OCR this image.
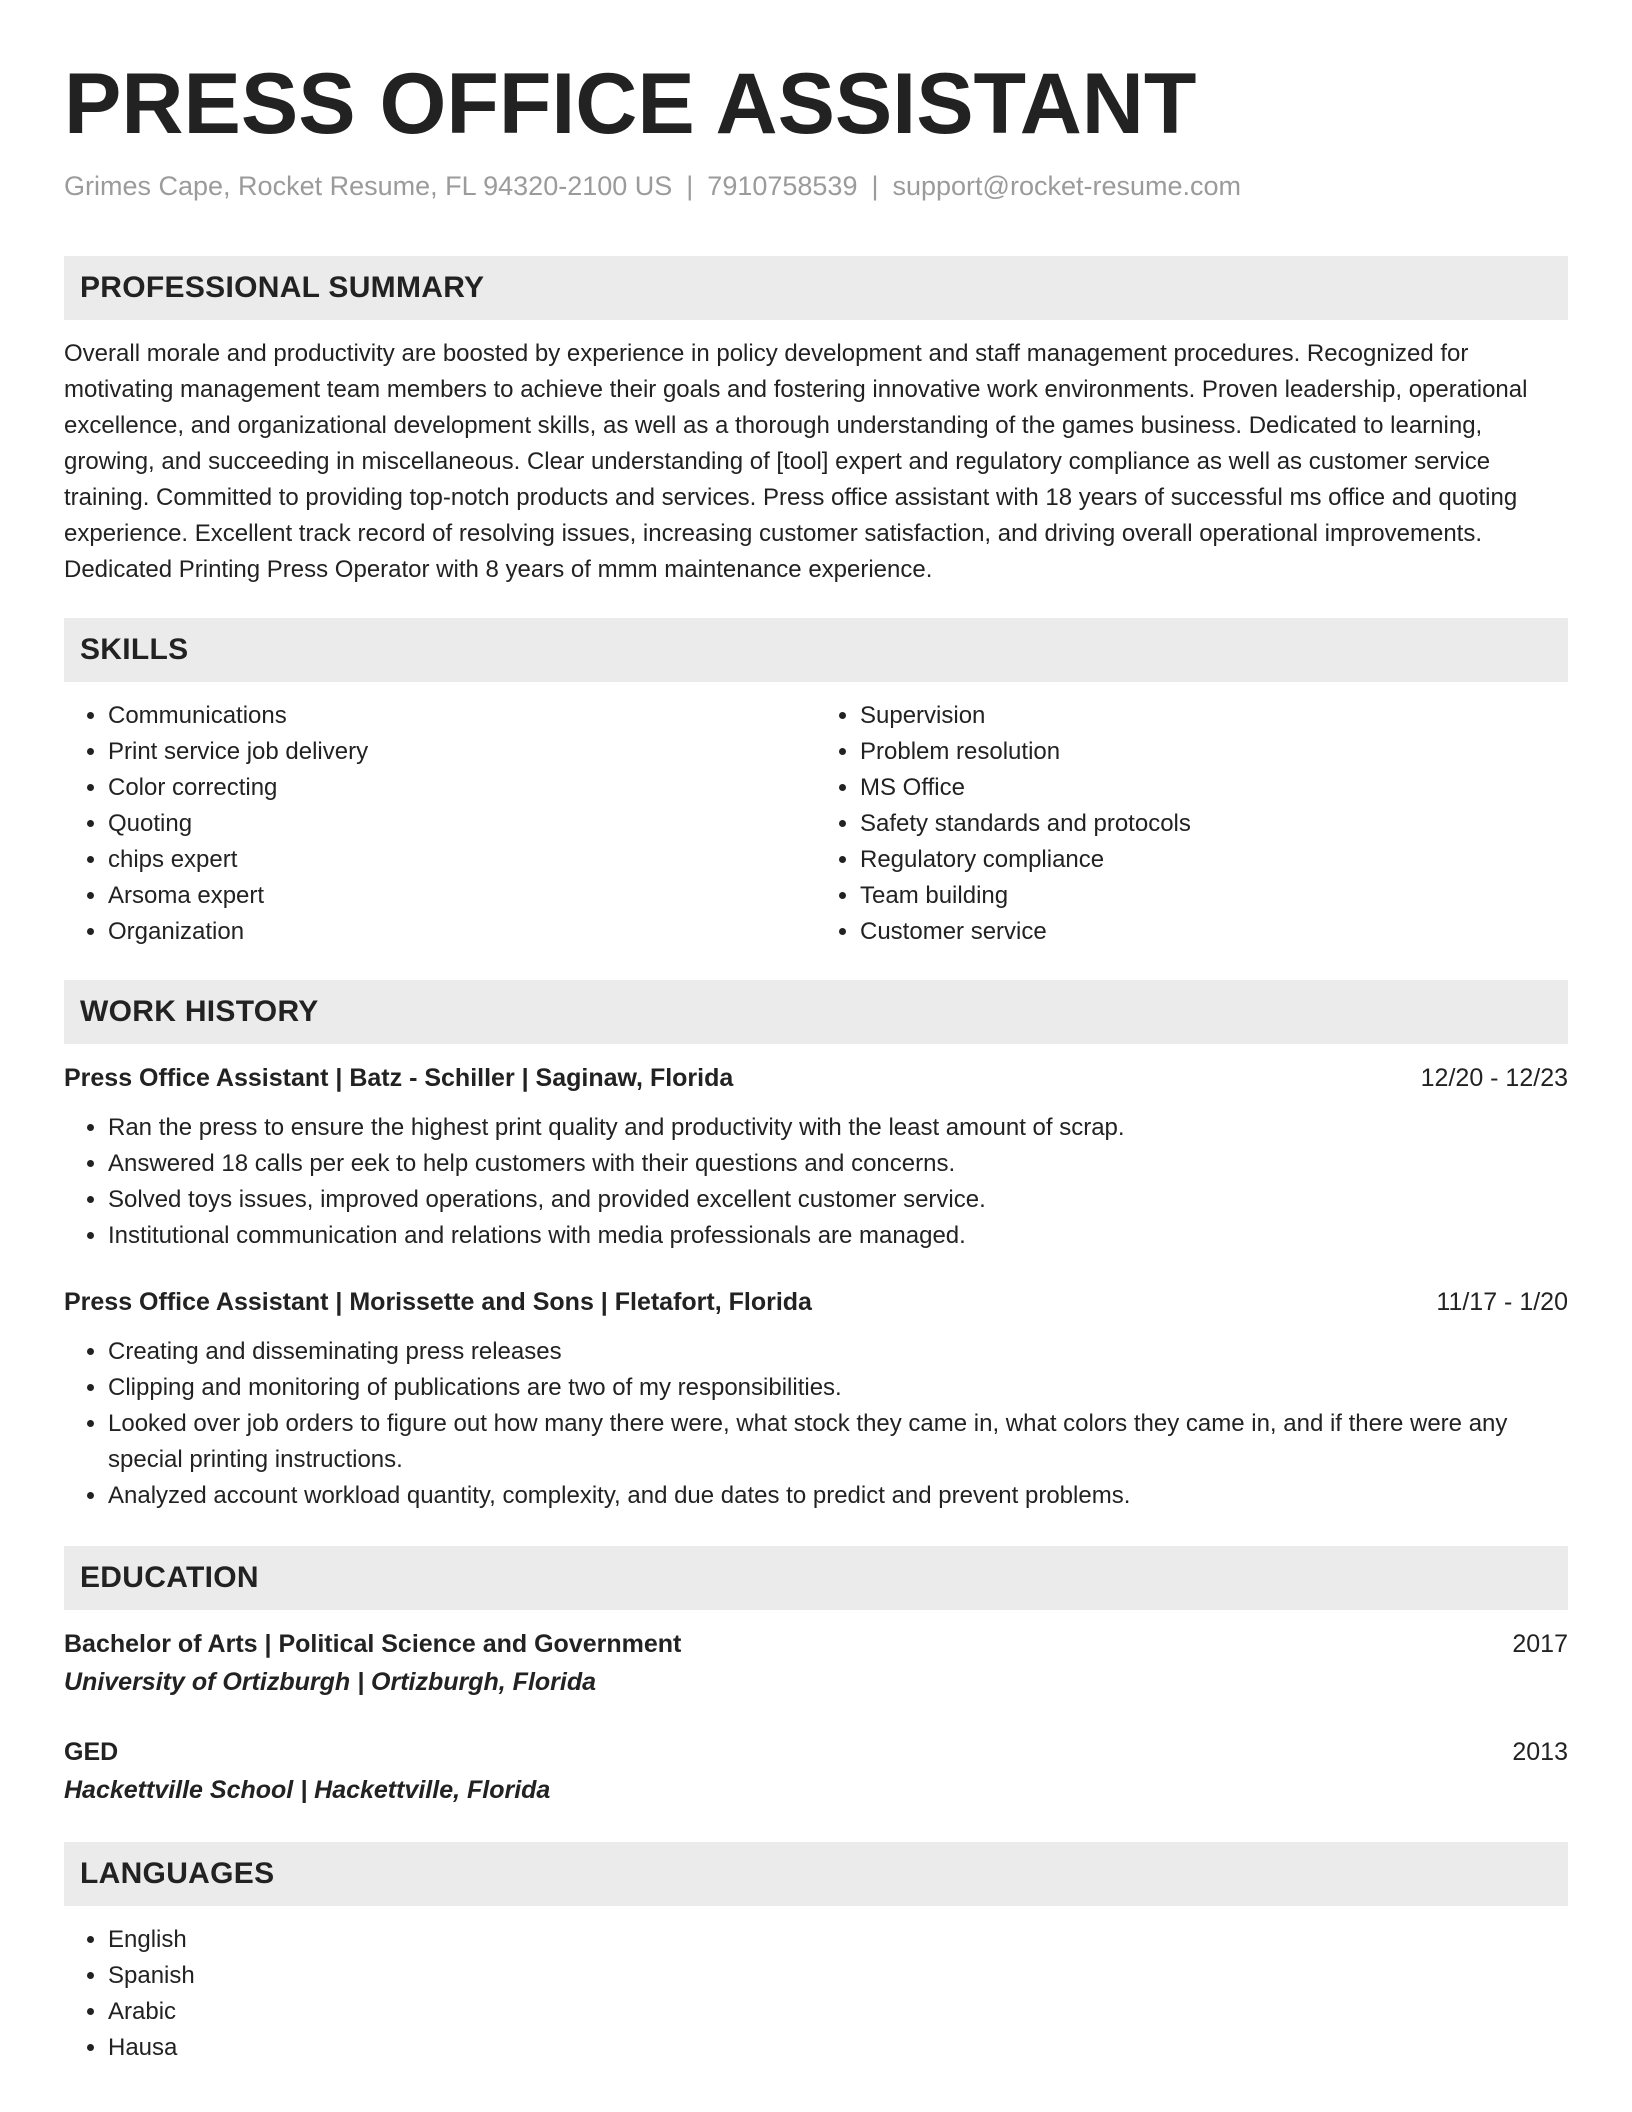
PRESS OFFICE ASSISTANT
Grimes Cape, Rocket Resume, FL 94320-2100 US | 7910758539 | support@rocket-resume.com
PROFESSIONAL SUMMARY

Overall morale and productivity are boosted by experience in policy development and staff management procedures. Recognized for motivating management team members to achieve their goals and fostering innovative work environments. Proven leadership, operational excellence, and organizational development skills, as well as a thorough understanding of the games business. Dedicated to learning, growing, and succeeding in miscellaneous. Clear understanding of [tool] expert and regulatory compliance as well as customer service training. Committed to providing top-notch products and services. Press office assistant with 18 years of successful ms office and quoting experience. Excellent track record of resolving issues, increasing customer satisfaction, and driving overall operational improvements. Dedicated Printing Press Operator with 8 years of mmm maintenance experience.

SKILLS
• Communications
• Print service job delivery
• Color correcting
• Quoting
• chips expert
• Arsoma expert
• Organization
• Supervision
• Problem resolution
• MS Office
• Safety standards and protocols
• Regulatory compliance
• Team building
• Customer service
WORK HISTORY
Press Office Assistant | Batz - Schiller | Saginaw, Florida	12/20 - 12/23
• Ran the press to ensure the highest print quality and productivity with the least amount of scrap.
• Answered 18 calls per eek to help customers with their questions and concerns.
• Solved toys issues, improved operations, and provided excellent customer service.
• Institutional communication and relations with media professionals are managed.
Press Office Assistant | Morissette and Sons | Fletafort, Florida	11/17 - 1/20
• Creating and disseminating press releases
• Clipping and monitoring of publications are two of my responsibilities.
• Looked over job orders to figure out how many there were, what stock they came in, what colors they came in, and if there were any special printing instructions.
• Analyzed account workload quantity, complexity, and due dates to predict and prevent problems.
EDUCATION
Bachelor of Arts | Political Science and Government	2017
University of Ortizburgh | Ortizburgh, Florida
GED	2013
Hackettville School | Hackettville, Florida
LANGUAGES
• English
• Spanish
• Arabic
• Hausa
